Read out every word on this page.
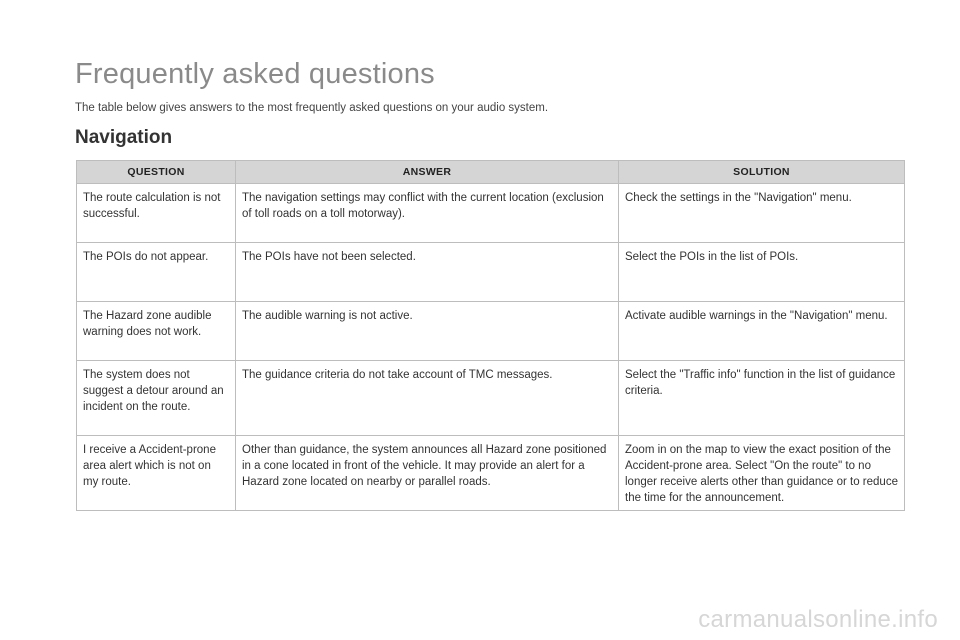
Frequently asked questions

The table below gives answers to the most frequently asked questions on your audio system.

Navigation
QUESTION	ANSWER	SOLUTION
The route calculation is not successful.	The navigation settings may conflict with the current location (exclusion of toll roads on a toll motorway).	Check the settings in the "Navigation" menu.
The POIs do not appear.	The POIs have not been selected.	Select the POIs in the list of POIs.
The Hazard zone audible warning does not work.	The audible warning is not active.	Activate audible warnings in the "Navigation" menu.
The system does not suggest a detour around an incident on the route.	The guidance criteria do not take account of TMC messages.	Select the "Traffic info" function in the list of guidance criteria.
I receive a Accident-prone area alert which is not on my route.	Other than guidance, the system announces all Hazard zone positioned in a cone located in front of the vehicle. It may provide an alert for a Hazard zone located on nearby or parallel roads.	Zoom in on the map to view the exact position of the Accident-prone area. Select "On the route" to no longer receive alerts other than guidance or to reduce the time for the announcement.
carmanualsonline.info
